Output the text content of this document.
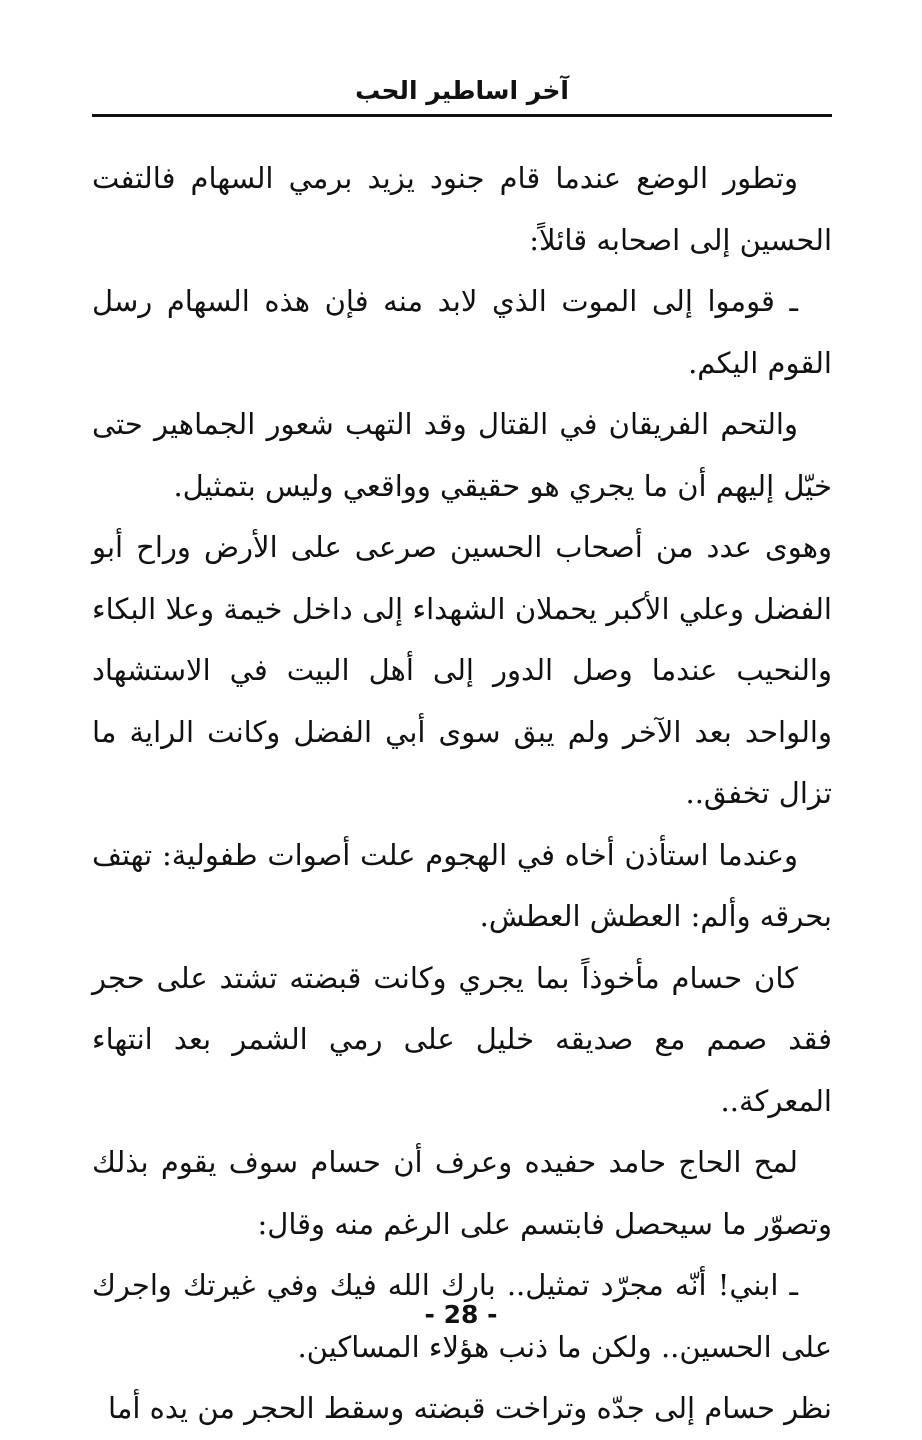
آخر اساطير الحب

وتطور الوضع عندما قام جنود يزيد برمي السهام فالتفت الحسين إلى اصحابه قائلاً:

ـ قوموا إلى الموت الذي لابد منه فإن هذه السهام رسل القوم اليكم.

والتحم الفريقان في القتال وقد التهب شعور الجماهير حتى خيّل إليهم أن ما يجري هو حقيقي وواقعي وليس بتمثيل.

وهوى عدد من أصحاب الحسين صرعى على الأرض وراح أبو الفضل وعلي الأكبر يحملان الشهداء إلى داخل خيمة وعلا البكاء والنحيب عندما وصل الدور إلى أهل البيت في الاستشهاد والواحد بعد الآخر ولم يبق سوى أبي الفضل وكانت الراية ما تزال تخفق..

وعندما استأذن أخاه في الهجوم علت أصوات طفولية: تهتف بحرقه وألم: العطش العطش.

كان حسام مأخوذاً بما يجري وكانت قبضته تشتد على حجر فقد صمم مع صديقه خليل على رمي الشمر بعد انتهاء المعركة..

لمح الحاج حامد حفيده وعرف أن حسام سوف يقوم بذلك وتصوّر ما سيحصل فابتسم على الرغم منه وقال:

ـ ابني! أنّه مجرّد تمثيل.. بارك الله فيك وفي غيرتك واجرك على الحسين.. ولكن ما ذنب هؤلاء المساكين.

نظر حسام إلى جدّه وتراخت قبضته وسقط الحجر من يده أما

- 28 -
